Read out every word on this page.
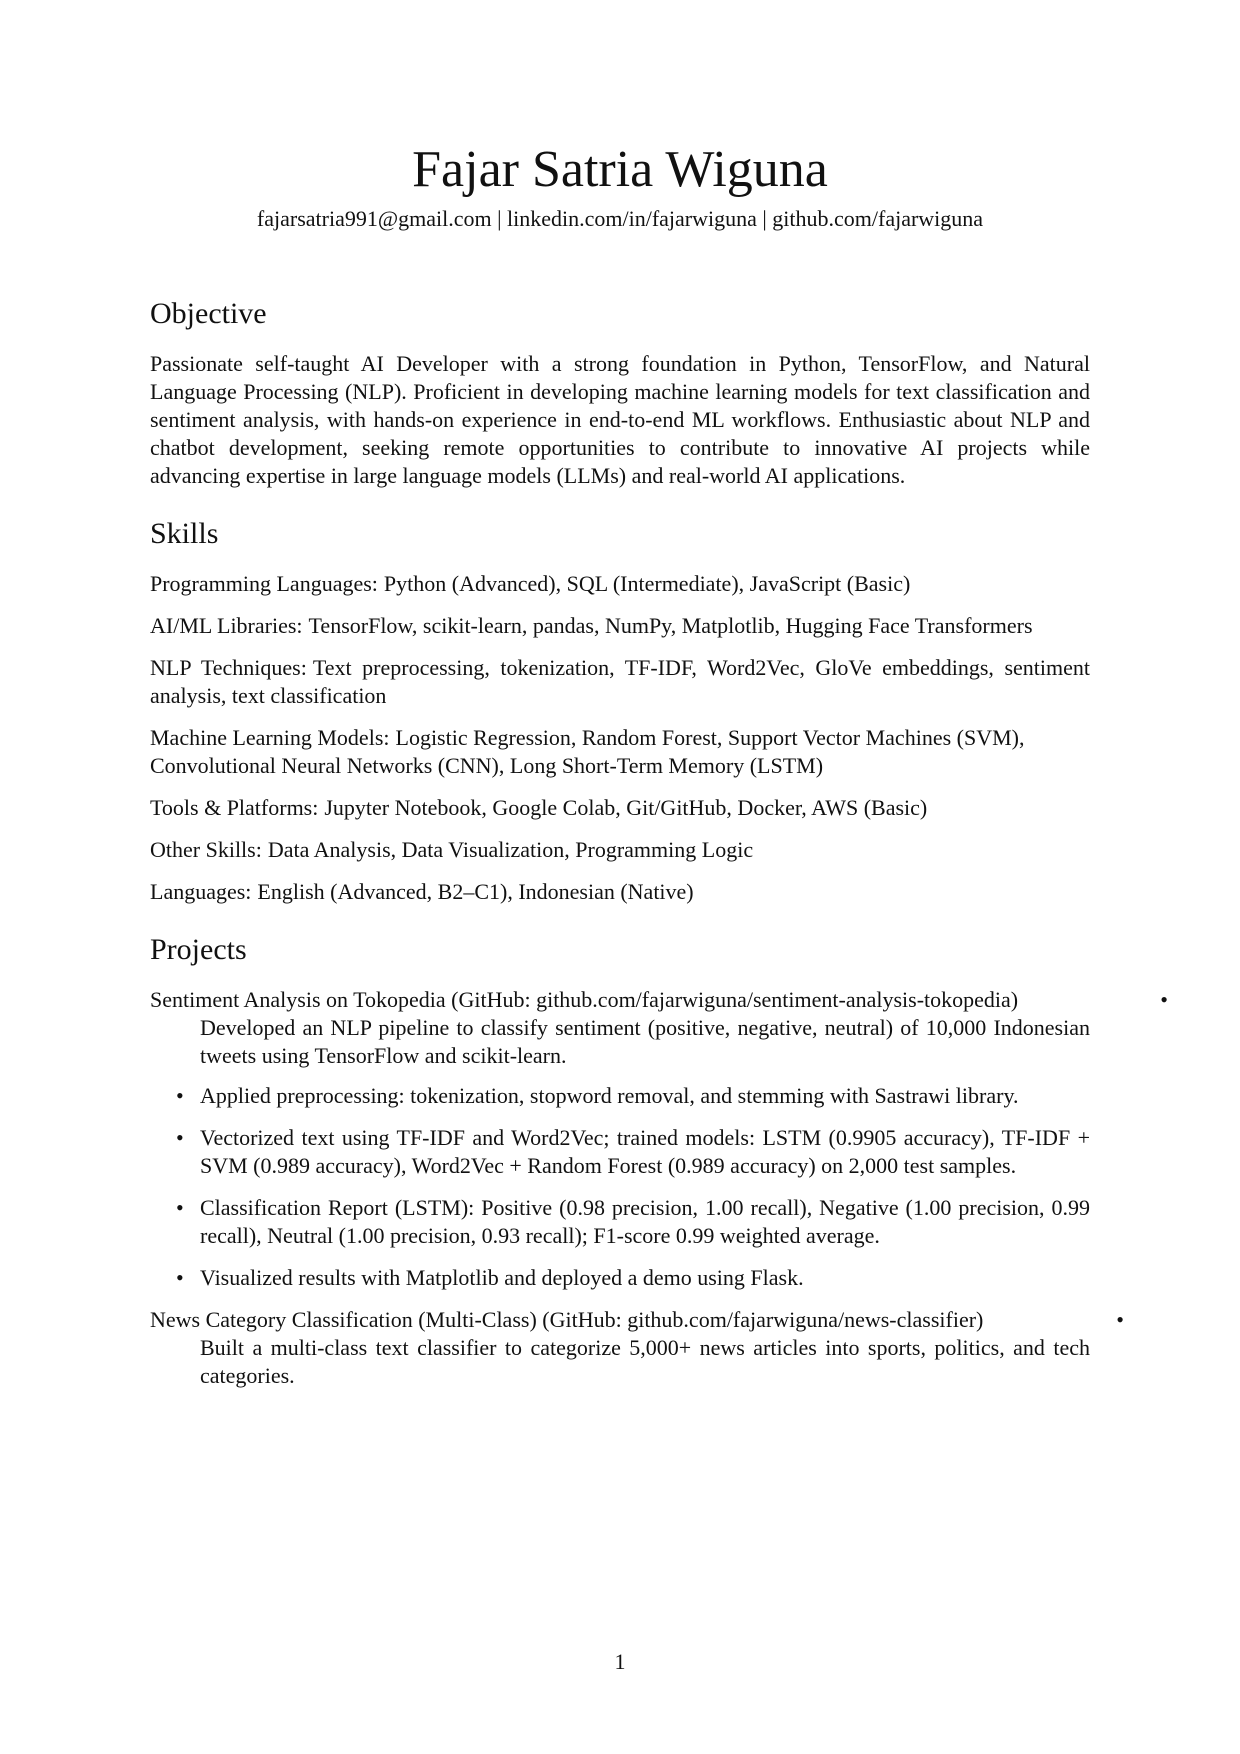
Fajar Satria Wiguna
fajarsatria991@gmail.com | linkedin.com/in/fajarwiguna | github.com/fajarwiguna
Objective

Passionate self-taught AI Developer with a strong foundation in Python, TensorFlow, and Natural Language Processing (NLP). Proficient in developing machine learning models for text classification and sentiment analysis, with hands-on experience in end-to-end ML workflows. Enthusiastic about NLP and chatbot development, seeking remote opportunities to contribute to innovative AI projects while advancing expertise in large language models (LLMs) and real-world AI applications.

Skills

Programming Languages: Python (Advanced), SQL (Intermediate), JavaScript (Basic)

AI/ML Libraries: TensorFlow, scikit-learn, pandas, NumPy, Matplotlib, Hugging Face Transformers

NLP Techniques: Text preprocessing, tokenization, TF-IDF, Word2Vec, GloVe embeddings, sentiment analysis, text classification

Machine Learning Models: Logistic Regression, Random Forest, Support Vector Machines (SVM), Convolutional Neural Networks (CNN), Long Short-Term Memory (LSTM)

Tools & Platforms: Jupyter Notebook, Google Colab, Git/GitHub, Docker, AWS (Basic)

Other Skills: Data Analysis, Data Visualization, Programming Logic

Languages: English (Advanced, B2–C1), Indonesian (Native)

Projects

Sentiment Analysis on Tokopedia (GitHub: github.com/fajarwiguna/sentiment-analysis-tokopedia)	•

Developed an NLP pipeline to classify sentiment (positive, negative, neutral) of 10,000 Indonesian tweets using TensorFlow and scikit-learn.

• Applied preprocessing: tokenization, stopword removal, and stemming with Sastrawi library.
• Vectorized text using TF-IDF and Word2Vec; trained models: LSTM (0.9905 accuracy), TF-IDF + SVM (0.989 accuracy), Word2Vec + Random Forest (0.989 accuracy) on 2,000 test samples.
• Classification Report (LSTM): Positive (0.98 precision, 1.00 recall), Negative (1.00 precision, 0.99 recall), Neutral (1.00 precision, 0.93 recall); F1-score 0.99 weighted average.
• Visualized results with Matplotlib and deployed a demo using Flask.

News Category Classification (Multi-Class) (GitHub: github.com/fajarwiguna/news-classifier)	•

Built a multi-class text classifier to categorize 5,000+ news articles into sports, politics, and tech categories.

1
